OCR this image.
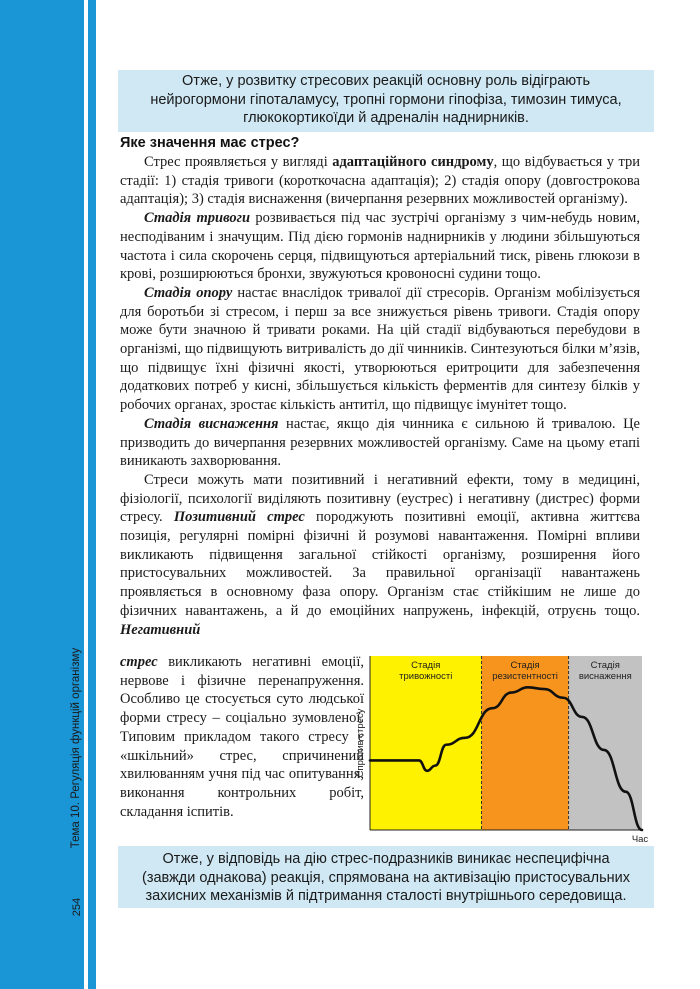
Тема 10. Регуляція функцій організму
254
Отже, у розвитку стресових реакцій основну роль відіграють
нейрогормони гіпоталамусу, тропні гормони гіпофіза, тимозин тимуса,
глюкокортикоїди й адреналін наднирників.
Яке значення має стрес?

Стрес проявляється у вигляді адаптаційного синдрому, що відбувається у три стадії: 1) стадія тривоги (короткочасна адаптація); 2) стадія опору (довгострокова адаптація); 3) стадія виснаження (вичерпання резервних можливостей організму).

Стадія тривоги розвивається під час зустрічі організму з чим-небудь новим, несподіваним і значущим. Під дією гормонів наднирників у людини збільшуються частота і сила скорочень серця, підвищуються артеріальний тиск, рівень глюкози в крові, розширюються бронхи, звужуються кровоносні судини тощо.

Стадія опору настає внаслідок тривалої дії стресорів. Організм мобілізується для боротьби зі стресом, і перш за все знижується рівень тривоги. Стадія опору може бути значною й тривати роками. На цій стадії відбуваються перебудови в організмі, що підвищують витривалість до дії чинників. Синтезуються білки м’язів, що підвищує їхні фізичні якості, утворюються еритроцити для забезпечення додаткових потреб у кисні, збільшується кількість ферментів для синтезу білків у робочих органах, зростає кількість антитіл, що підвищує імунітет тощо.

Стадія виснаження настає, якщо дія чинника є сильною й тривалою. Це призводить до вичерпання резервних можливостей організму. Саме на цьому етапі виникають захворювання.

Стреси можуть мати позитивний і негативний ефекти, тому в медицині, фізіології, психології виділяють позитивну (еустрес) і негативну (дистрес) форми стресу. Позитивний стрес породжують позитивні емоції, активна життєва позиція, регулярні помірні фізичні й розумові навантаження. Помірні впливи викликають підвищення загальної стійкості організму, розширення його пристосувальних можливостей. За правильної організації навантажень проявляється в основному фаза опору. Організм стає стійкішим не лише до фізичних навантажень, а й до емоційних напружень, інфекцій, отруєнь тощо. Негативний

стрес викликають негативні емоції, нервове і фізичне перенапруження. Особливо це стосується суто людської форми стресу – соціально зумовленої. Типовим прикладом такого стресу є «шкільний» стрес, спричинений хвилюванням учня під час опитування, виконання контрольних робіт, складання іспитів.

Стадія
тривожності
Стадія
резистентності
Стадія
виснаження
Спротив стресу
Час
Отже, у відповідь на дію стрес-подразників виникає неспецифічна
(завжди однакова) реакція, спрямована на активізацію пристосувальних
захисних механізмів й підтримання сталості внутрішнього середовища.
